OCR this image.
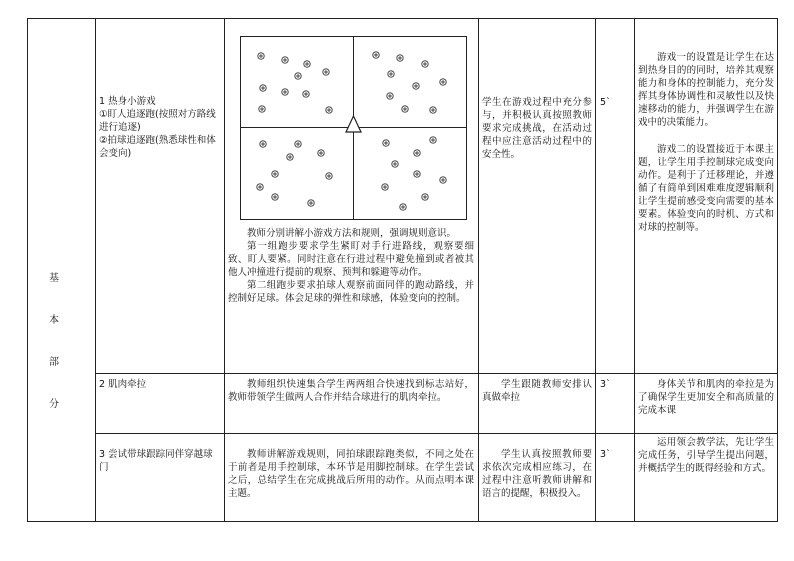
基
本
部
分

1 热身小游戏

①盯人追逐跑(按照对方路线进行追逐)

②拍球追逐跑(熟悉球性和体会变向)

教师分别讲解小游戏方法和规则，强调规则意识。

第一组跑步要求学生紧盯对手行进路线，观察要细致、盯人要紧。同时注意在行进过程中避免撞到或者被其他人冲撞进行提前的观察、预判和躲避等动作。

第二组跑步要求拍球人观察前面同伴的跑动路线，并控制好足球。体会足球的弹性和球感，体验变向的控制。

学生在游戏过程中充分参与，并积极认真按照教师要求完成挑战，在活动过程中应注意活动过程中的安全性。

5`

游戏一的设置是让学生在达到热身目的的同时，培养其观察能力和身体的控制能力，充分发挥其身体协调性和灵敏性以及快速移动的能力，并强调学生在游戏中的决策能力。

游戏二的设置接近于本课主题，让学生用手控制球完成变向动作。是利于了迁移理论，并遵循了有简单到困难难度逻辑顺利让学生提前感受变向需要的基本要素。体验变向的时机、方式和对球的控制等。

2 肌肉牵拉	教师组织快速集合学生两两组合快速找到标志站好，教师带领学生做两人合作并结合球进行的肌肉牵拉。

学生跟随教师安排认真做牵拉

3`	身体关节和肌肉的牵拉是为了确保学生更加安全和高质量的完成本课

3 尝试带球跟踪同伴穿越球门

教师讲解游戏规则，同拍球跟踪跑类似，不同之处在于前者是用手控制球，本环节是用脚控制球。在学生尝试之后，总结学生在完成挑战后所用的动作。从而点明本课主题。

学生认真按照教师要求依次完成相应练习，在过程中注意听教师讲解和语言的提醒，积极投入。

3`

运用领会教学法，先让学生完成任务，引导学生提出问题，并概括学生的既得经验和方式。
